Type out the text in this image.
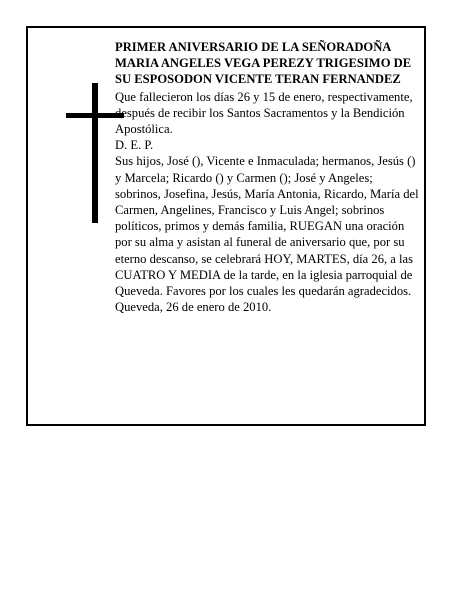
PRIMER ANIVERSARIO DE LA SEÑORADOÑA MARIA ANGELES VEGA PEREZY TRIGESIMO DE SU ESPOSODON VICENTE TERAN FERNANDEZ

Que fallecieron los días 26 y 15 de enero, respectivamente,

después de recibir los Santos Sacramentos y la Bendición Apostólica.

D. E. P.

Sus hijos, José (), Vicente e Inmaculada; hermanos, Jesús () y Marcela; Ricardo () y Carmen (); José y Angeles; sobrinos, Josefina, Jesús, María Antonia, Ricardo, María del Carmen, Angelines, Francisco y Luis Angel; sobrinos políticos, primos y demás familia, RUEGAN una oración por su alma y asistan al funeral de aniversario que, por su eterno descanso, se celebrará HOY, MARTES, día 26, a las CUATRO Y MEDIA de la tarde, en la iglesia parroquial de Queveda. Favores por los cuales les quedarán agradecidos.

Queveda, 26 de enero de 2010.
